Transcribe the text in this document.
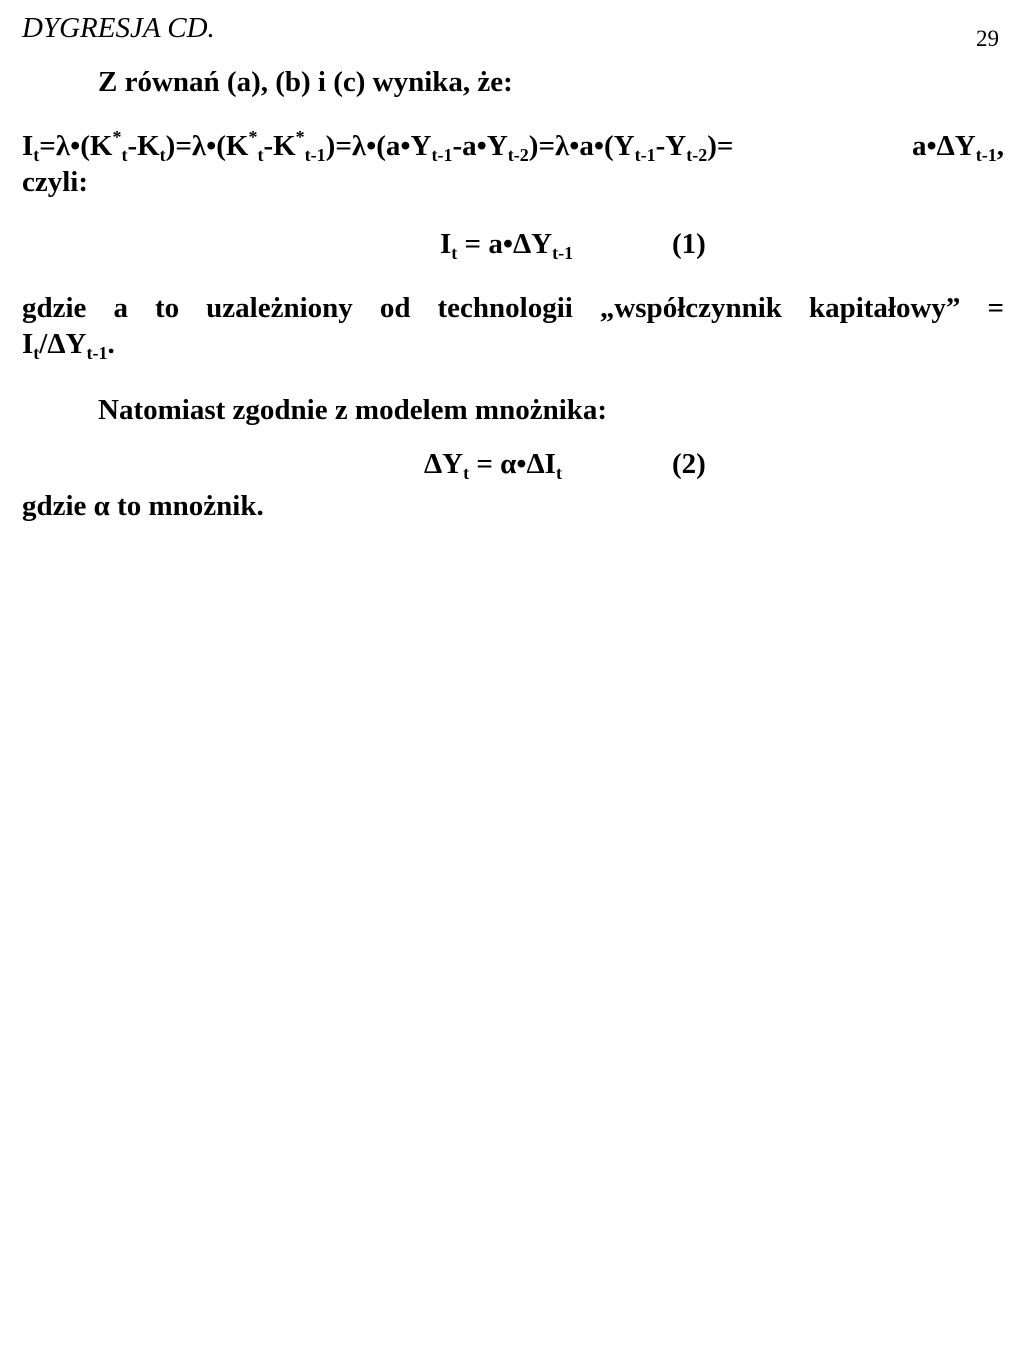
DYGRESJA CD.	29
Z równań (a), (b) i (c) wynika, że:
$I_t=\lambda•(K^*_t-K_t)=\lambda•(K^*_t-K^*_{t-1})=\lambda•(a•Y_{t-1}-a•Y_{t-2})=\lambda•a•(Y_{t-1}-Y_{t-2})=$ $a•\Delta Y_{t-1}$,
czyli:
$I_t$ = $a•\Delta Y_{t-1}$	(1)
gdzie a to uzależniony od technologii „współczynnik kapitałowy” =
$I_t/\Delta Y_{t-1}$.
Natomiast zgodnie z modelem mnożnika:
$\Delta Y_t$ = $\alpha•\Delta I_t$	(2)
gdzie α to mnożnik.
